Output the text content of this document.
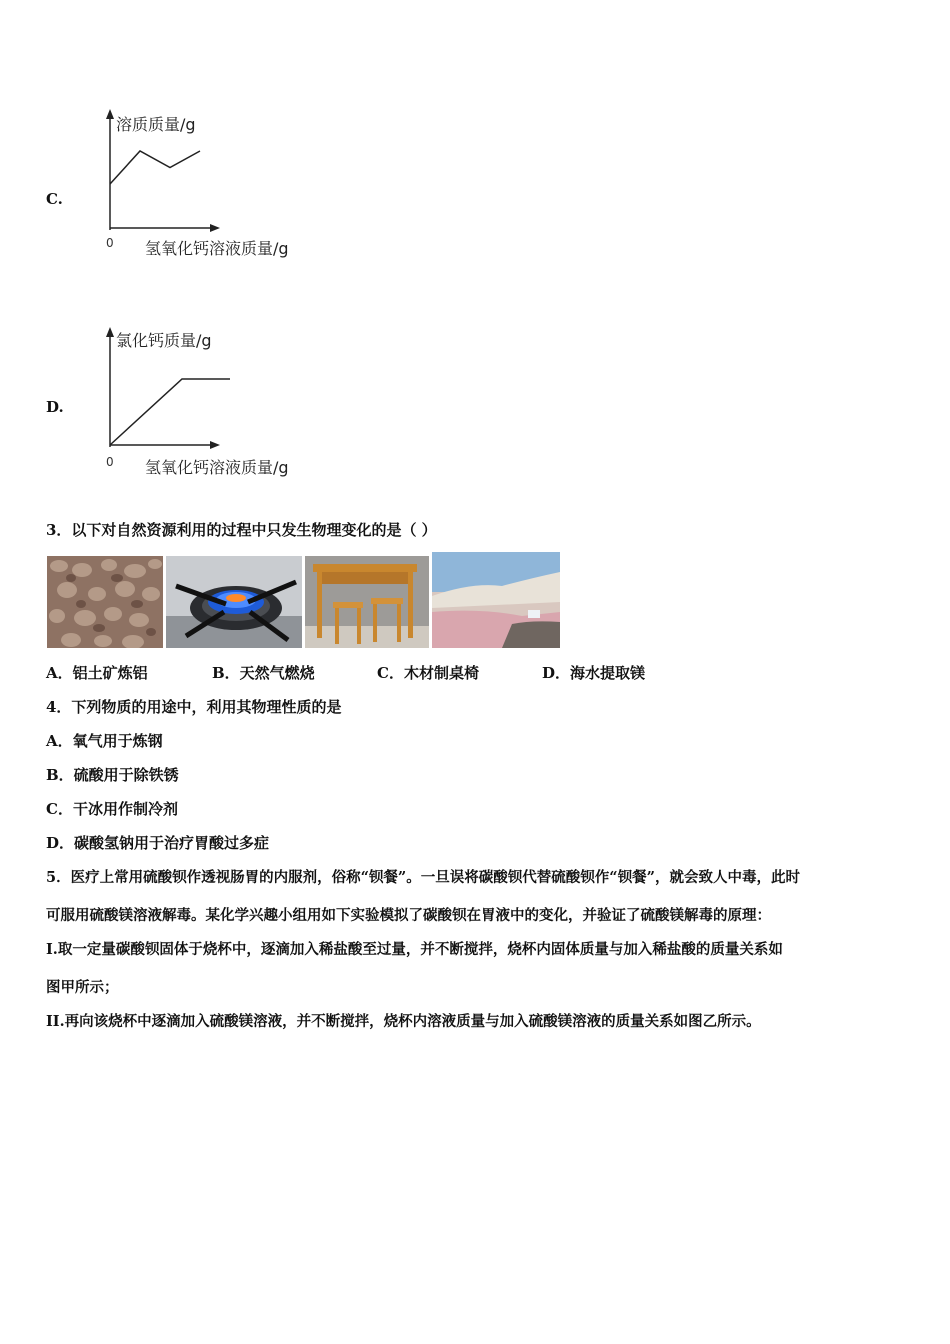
C.
溶质质量/g
0 氢氧化钙溶液质量/g
D.
氯化钙质量/g
0 氢氧化钙溶液质量/g
3．以下对自然资源利用的过程中只发生物理变化的是（ ）
A．铝土矿炼铝	B．天然气燃烧	C．木材制桌椅	D．海水提取镁
4．下列物质的用途中，利用其物理性质的是
A．氧气用于炼钢
B．硫酸用于除铁锈
C．干冰用作制冷剂
D．碳酸氢钠用于治疗胃酸过多症
5．医疗上常用硫酸钡作透视肠胃的内服剂，俗称“钡餐”。一旦误将碳酸钡代替硫酸钡作“钡餐”，就会致人中毒，此时
可服用硫酸镁溶液解毒。某化学兴趣小组用如下实验模拟了碳酸钡在胃液中的变化，并验证了硫酸镁解毒的原理：
I.取一定量碳酸钡固体于烧杯中，逐滴加入稀盐酸至过量，并不断搅拌，烧杯内固体质量与加入稀盐酸的质量关系如
图甲所示；
II.再向该烧杯中逐滴加入硫酸镁溶液，并不断搅拌，烧杯内溶液质量与加入硫酸镁溶液的质量关系如图乙所示。
